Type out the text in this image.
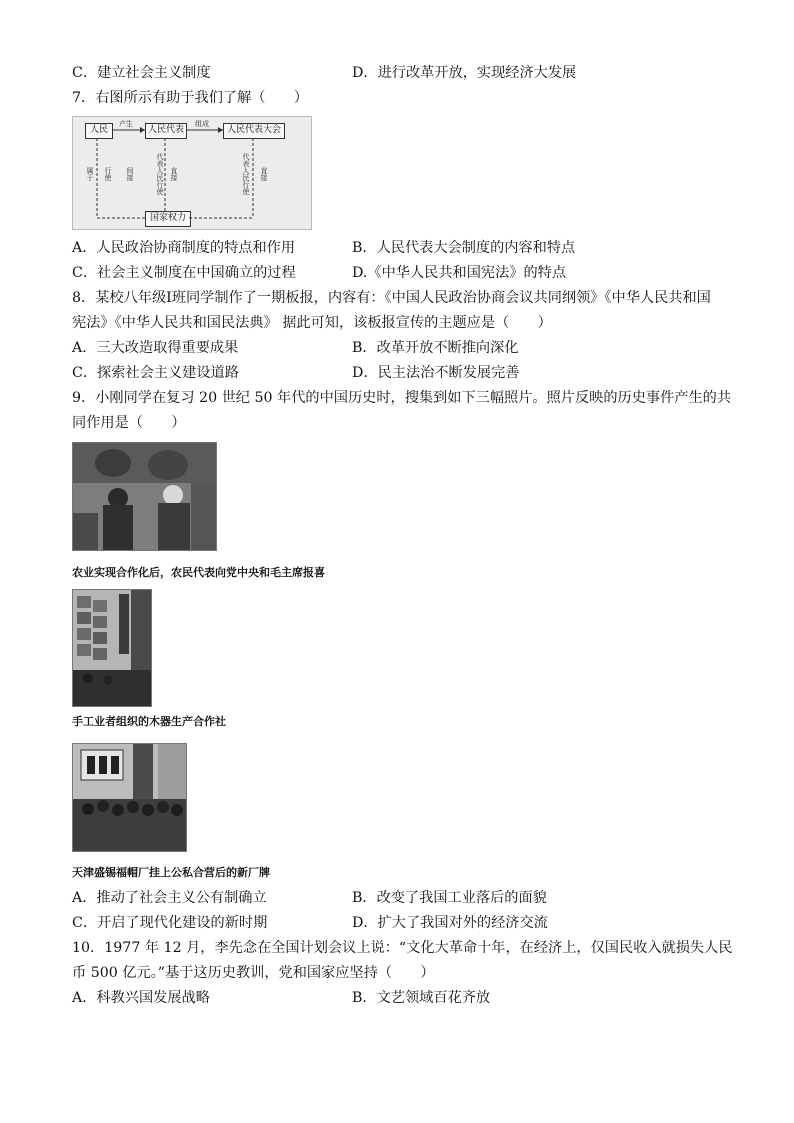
C．建立社会主义制度	D．进行改革开放，实现经济大发展
7．右图所示有助于我们了解（　　）
人民	人民代表	人民代表大会
国家权力
产生	组成
属于 行使 间接	代表人民行使 直接	代表人民行使 直接
A．人民政治协商制度的特点和作用	B．人民代表大会制度的内容和特点
C．社会主义制度在中国确立的过程	D.《中华人民共和国宪法》的特点
8．某校八年级Ⅰ班同学制作了一期板报，内容有：《中国人民政治协商会议共同纲领》《中华人民共和国
宪法》《中华人民共和国民法典》 据此可知，该板报宣传的主题应是（　　）
A．三大改造取得重要成果	B．改革开放不断推向深化
C．探索社会主义建设道路	D．民主法治不断发展完善
9．小刚同学在复习 20 世纪 50 年代的中国历史时，搜集到如下三幅照片。照片反映的历史事件产生的共
同作用是（　　）
农业实现合作化后，农民代表向党中央和毛主席报喜
手工业者组织的木器生产合作社
天津盛锡福帽厂挂上公私合营后的新厂牌
A．推动了社会主义公有制确立	B．改变了我国工业落后的面貌
C．开启了现代化建设的新时期	D．扩大了我国对外的经济交流
10．1977 年 12 月，李先念在全国计划会议上说：“文化大革命十年，在经济上，仅国民收入就损失人民
币 500 亿元。”基于这历史教训，党和国家应坚持（　　）
A．科教兴国发展战略	B．文艺领域百花齐放
